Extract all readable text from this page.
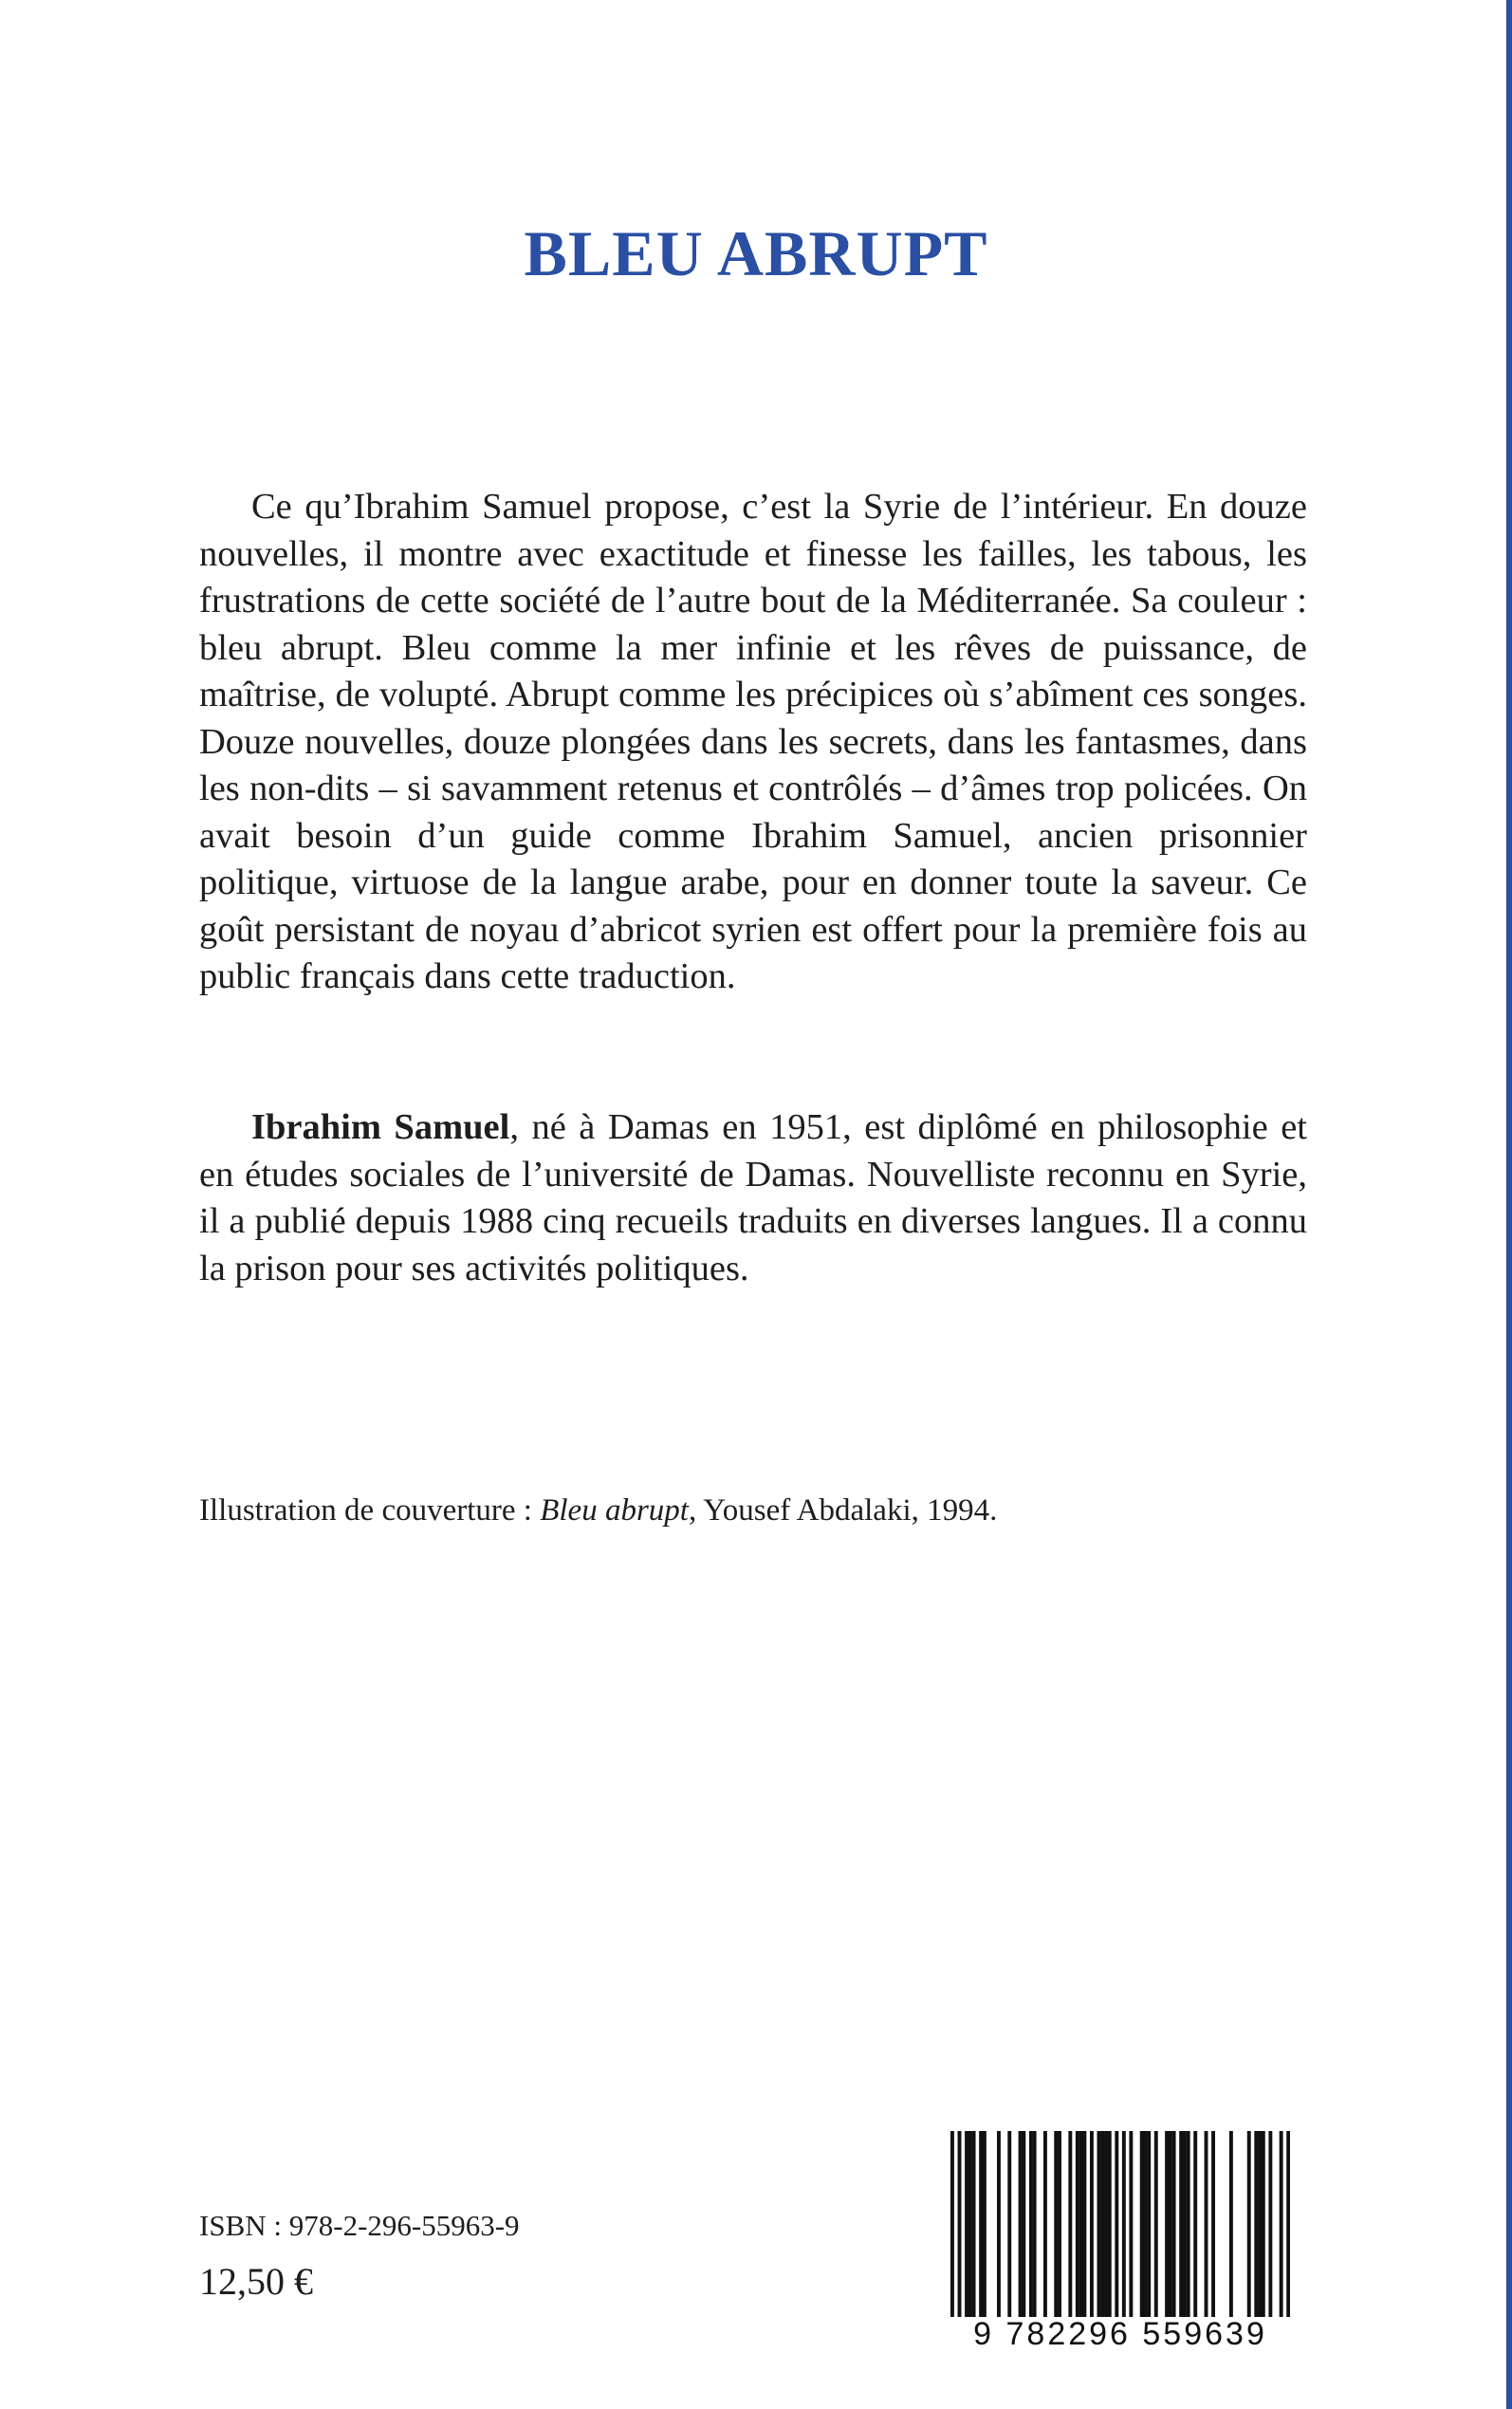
BLEU ABRUPT

Ce qu’Ibrahim Samuel propose, c’est la Syrie de l’intérieur. En douze nouvelles, il montre avec exactitude et finesse les failles, les tabous, les frustrations de cette société de l’autre bout de la Méditerranée. Sa couleur : bleu abrupt. Bleu comme la mer infinie et les rêves de puissance, de maîtrise, de volupté. Abrupt comme les précipices où s’abîment ces songes. Douze nouvelles, douze plongées dans les secrets, dans les fantasmes, dans les non-dits – si savamment retenus et contrôlés – d’âmes trop policées. On avait besoin d’un guide comme Ibrahim Samuel, ancien prisonnier politique, virtuose de la langue arabe, pour en donner toute la saveur. Ce goût persistant de noyau d’abricot syrien est offert pour la première fois au public français dans cette traduction.

Ibrahim Samuel, né à Damas en 1951, est diplômé en philosophie et en études sociales de l’université de Damas. Nouvelliste reconnu en Syrie, il a publié depuis 1988 cinq recueils traduits en diverses langues. Il a connu la prison pour ses activités politiques.

Illustration de couverture : Bleu abrupt, Yousef Abdalaki, 1994.

ISBN : 978-2-296-55963-9
12,50 €
9 782296 559639
